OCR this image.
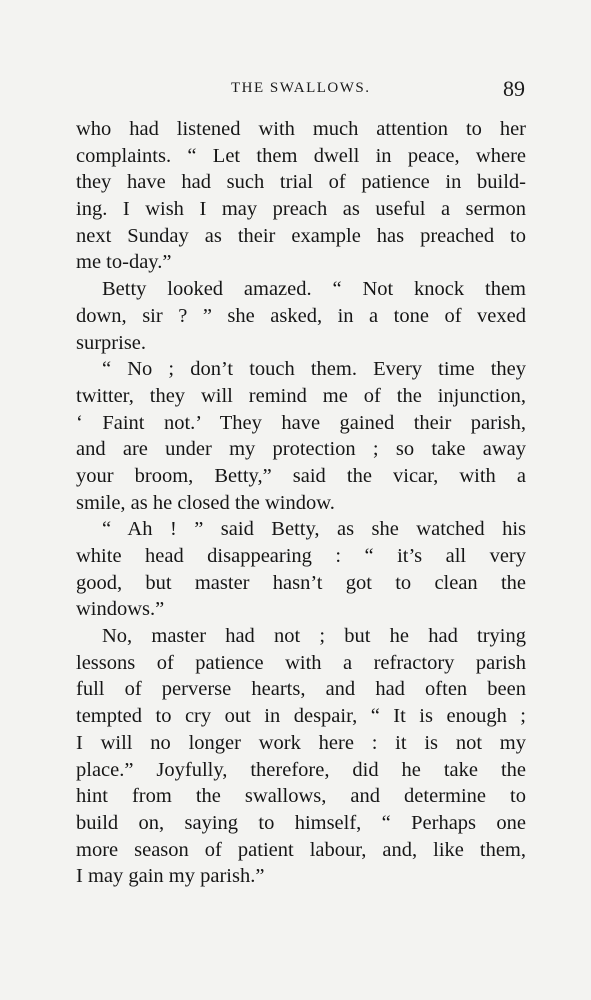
THE SWALLOWS.	89
who had listened with much attention to her
complaints. “ Let them dwell in peace, where
they have had such trial of patience in build-
ing. I wish I may preach as useful a sermon
next Sunday as their example has preached to
me to-day.”
Betty looked amazed. “ Not knock them
down, sir ? ” she asked, in a tone of vexed
surprise.
“ No ; don’t touch them. Every time they
twitter, they will remind me of the injunction,
‘ Faint not.’ They have gained their parish,
and are under my protection ; so take away
your broom, Betty,” said the vicar, with a
smile, as he closed the window.
“ Ah ! ” said Betty, as she watched his
white head disappearing : “ it’s all very
good, but master hasn’t got to clean the
windows.”
No, master had not ; but he had trying
lessons of patience with a refractory parish
full of perverse hearts, and had often been
tempted to cry out in despair, “ It is enough ;
I will no longer work here : it is not my
place.” Joyfully, therefore, did he take the
hint from the swallows, and determine to
build on, saying to himself, “ Perhaps one
more season of patient labour, and, like them,
I may gain my parish.”
